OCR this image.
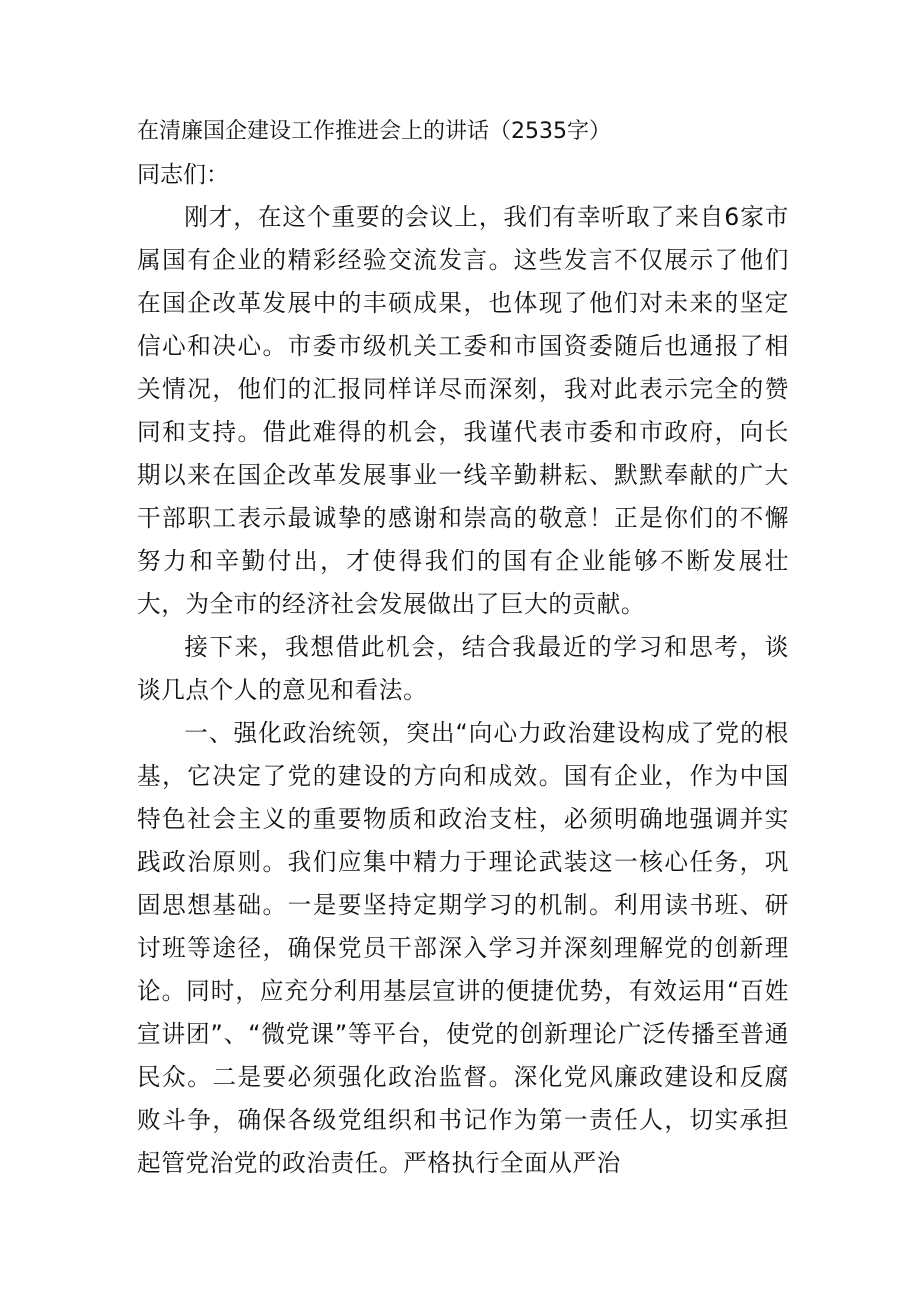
在清廉国企建设工作推进会上的讲话（2535字）
同志们：

刚才，在这个重要的会议上，我们有幸听取了来自6家市属国有企业的精彩经验交流发言。这些发言不仅展示了他们在国企改革发展中的丰硕成果，也体现了他们对未来的坚定信心和决心。市委市级机关工委和市国资委随后也通报了相关情况，他们的汇报同样详尽而深刻，我对此表示完全的赞同和支持。借此难得的机会，我谨代表市委和市政府，向长期以来在国企改革发展事业一线辛勤耕耘、默默奉献的广大干部职工表示最诚挚的感谢和崇高的敬意！正是你们的不懈努力和辛勤付出，才使得我们的国有企业能够不断发展壮大，为全市的经济社会发展做出了巨大的贡献。

接下来，我想借此机会，结合我最近的学习和思考，谈谈几点个人的意见和看法。

一、强化政治统领，突出“向心力政治建设构成了党的根基，它决定了党的建设的方向和成效。国有企业，作为中国特色社会主义的重要物质和政治支柱，必须明确地强调并实践政治原则。我们应集中精力于理论武装这一核心任务，巩固思想基础。一是要坚持定期学习的机制。利用读书班、研讨班等途径，确保党员干部深入学习并深刻理解党的创新理论。同时，应充分利用基层宣讲的便捷优势，有效运用“百姓宣讲团”、“微党课”等平台，使党的创新理论广泛传播至普通民众。二是要必须强化政治监督。深化党风廉政建设和反腐败斗争，确保各级党组织和书记作为第一责任人，切实承担起管党治党的政治责任。严格执行全面从严治
